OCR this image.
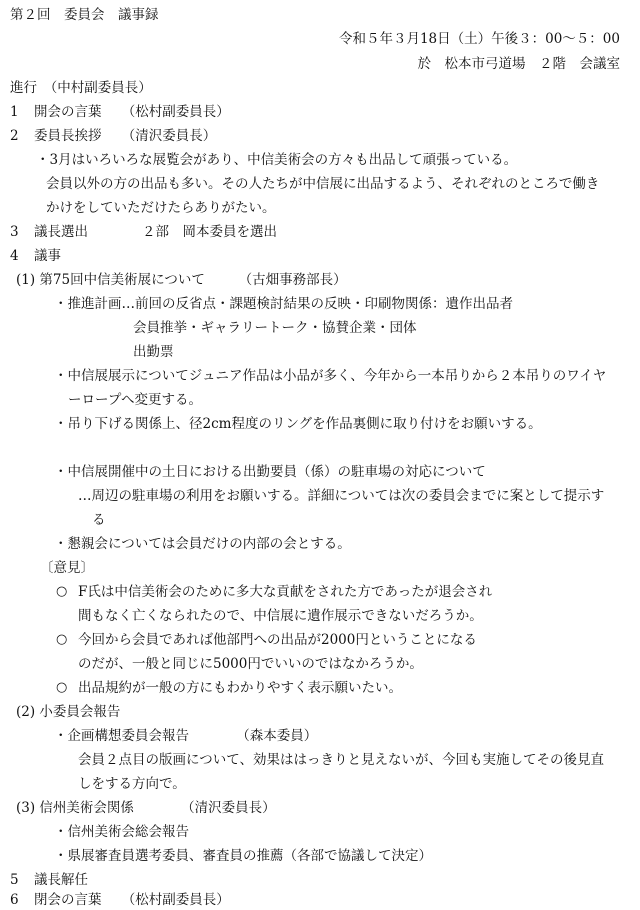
第２回　委員会　議事録
令和５年３月18日（土）午後３：00〜５：00
於　松本市弓道場　２階　会議室
進行　（中村副委員長）
1 開会の言葉　　（松村副委員長）
2 委員長挨拶　　（清沢委員長）
・3月はいろいろな展覧会があり、中信美術会の方々も出品して頑張っている。
会員以外の方の出品も多い。その人たちが中信展に出品するよう、それぞれのところで働き
かけをしていただけたらありがたい。
3 議長選出　　　　２部　岡本委員を選出
4 議事
(1) 第75回中信美術展について　　　（古畑事務部長）
・推進計画…前回の反省点・課題検討結果の反映・印刷物関係：遺作出品者
会員推挙・ギャラリートーク・協賛企業・団体
出勤票
・中信展展示についてジュニア作品は小品が多く、今年から一本吊りから２本吊りのワイヤ
ーロープへ変更する。
・吊り下げる関係上、径2cm程度のリングを作品裏側に取り付けをお願いする。
・中信展開催中の土日における出勤要員（係）の駐車場の対応について
…周辺の駐車場の利用をお願いする。詳細については次の委員会までに案として提示す
る
・懇親会については会員だけの内部の会とする。
〔意見〕
○ F氏は中信美術会のために多大な貢献をされた方であったが退会され
間もなく亡くなられたので、中信展に遺作展示できないだろうか。
○ 今回から会員であれば他部門への出品が2000円ということになる
のだが、一般と同じに5000円でいいのではなかろうか。
○ 出品規約が一般の方にもわかりやすく表示願いたい。
(2) 小委員会報告
・企画構想委員会報告　　　　（森本委員）
会員２点目の版画について、効果ははっきりと見えないが、今回も実施してその後見直
しをする方向で。
(3) 信州美術会関係　　　　（清沢委員長）
・信州美術会総会報告
・県展審査員選考委員、審査員の推薦（各部で協議して決定）
5 議長解任
6 閉会の言葉　　（松村副委員長）
